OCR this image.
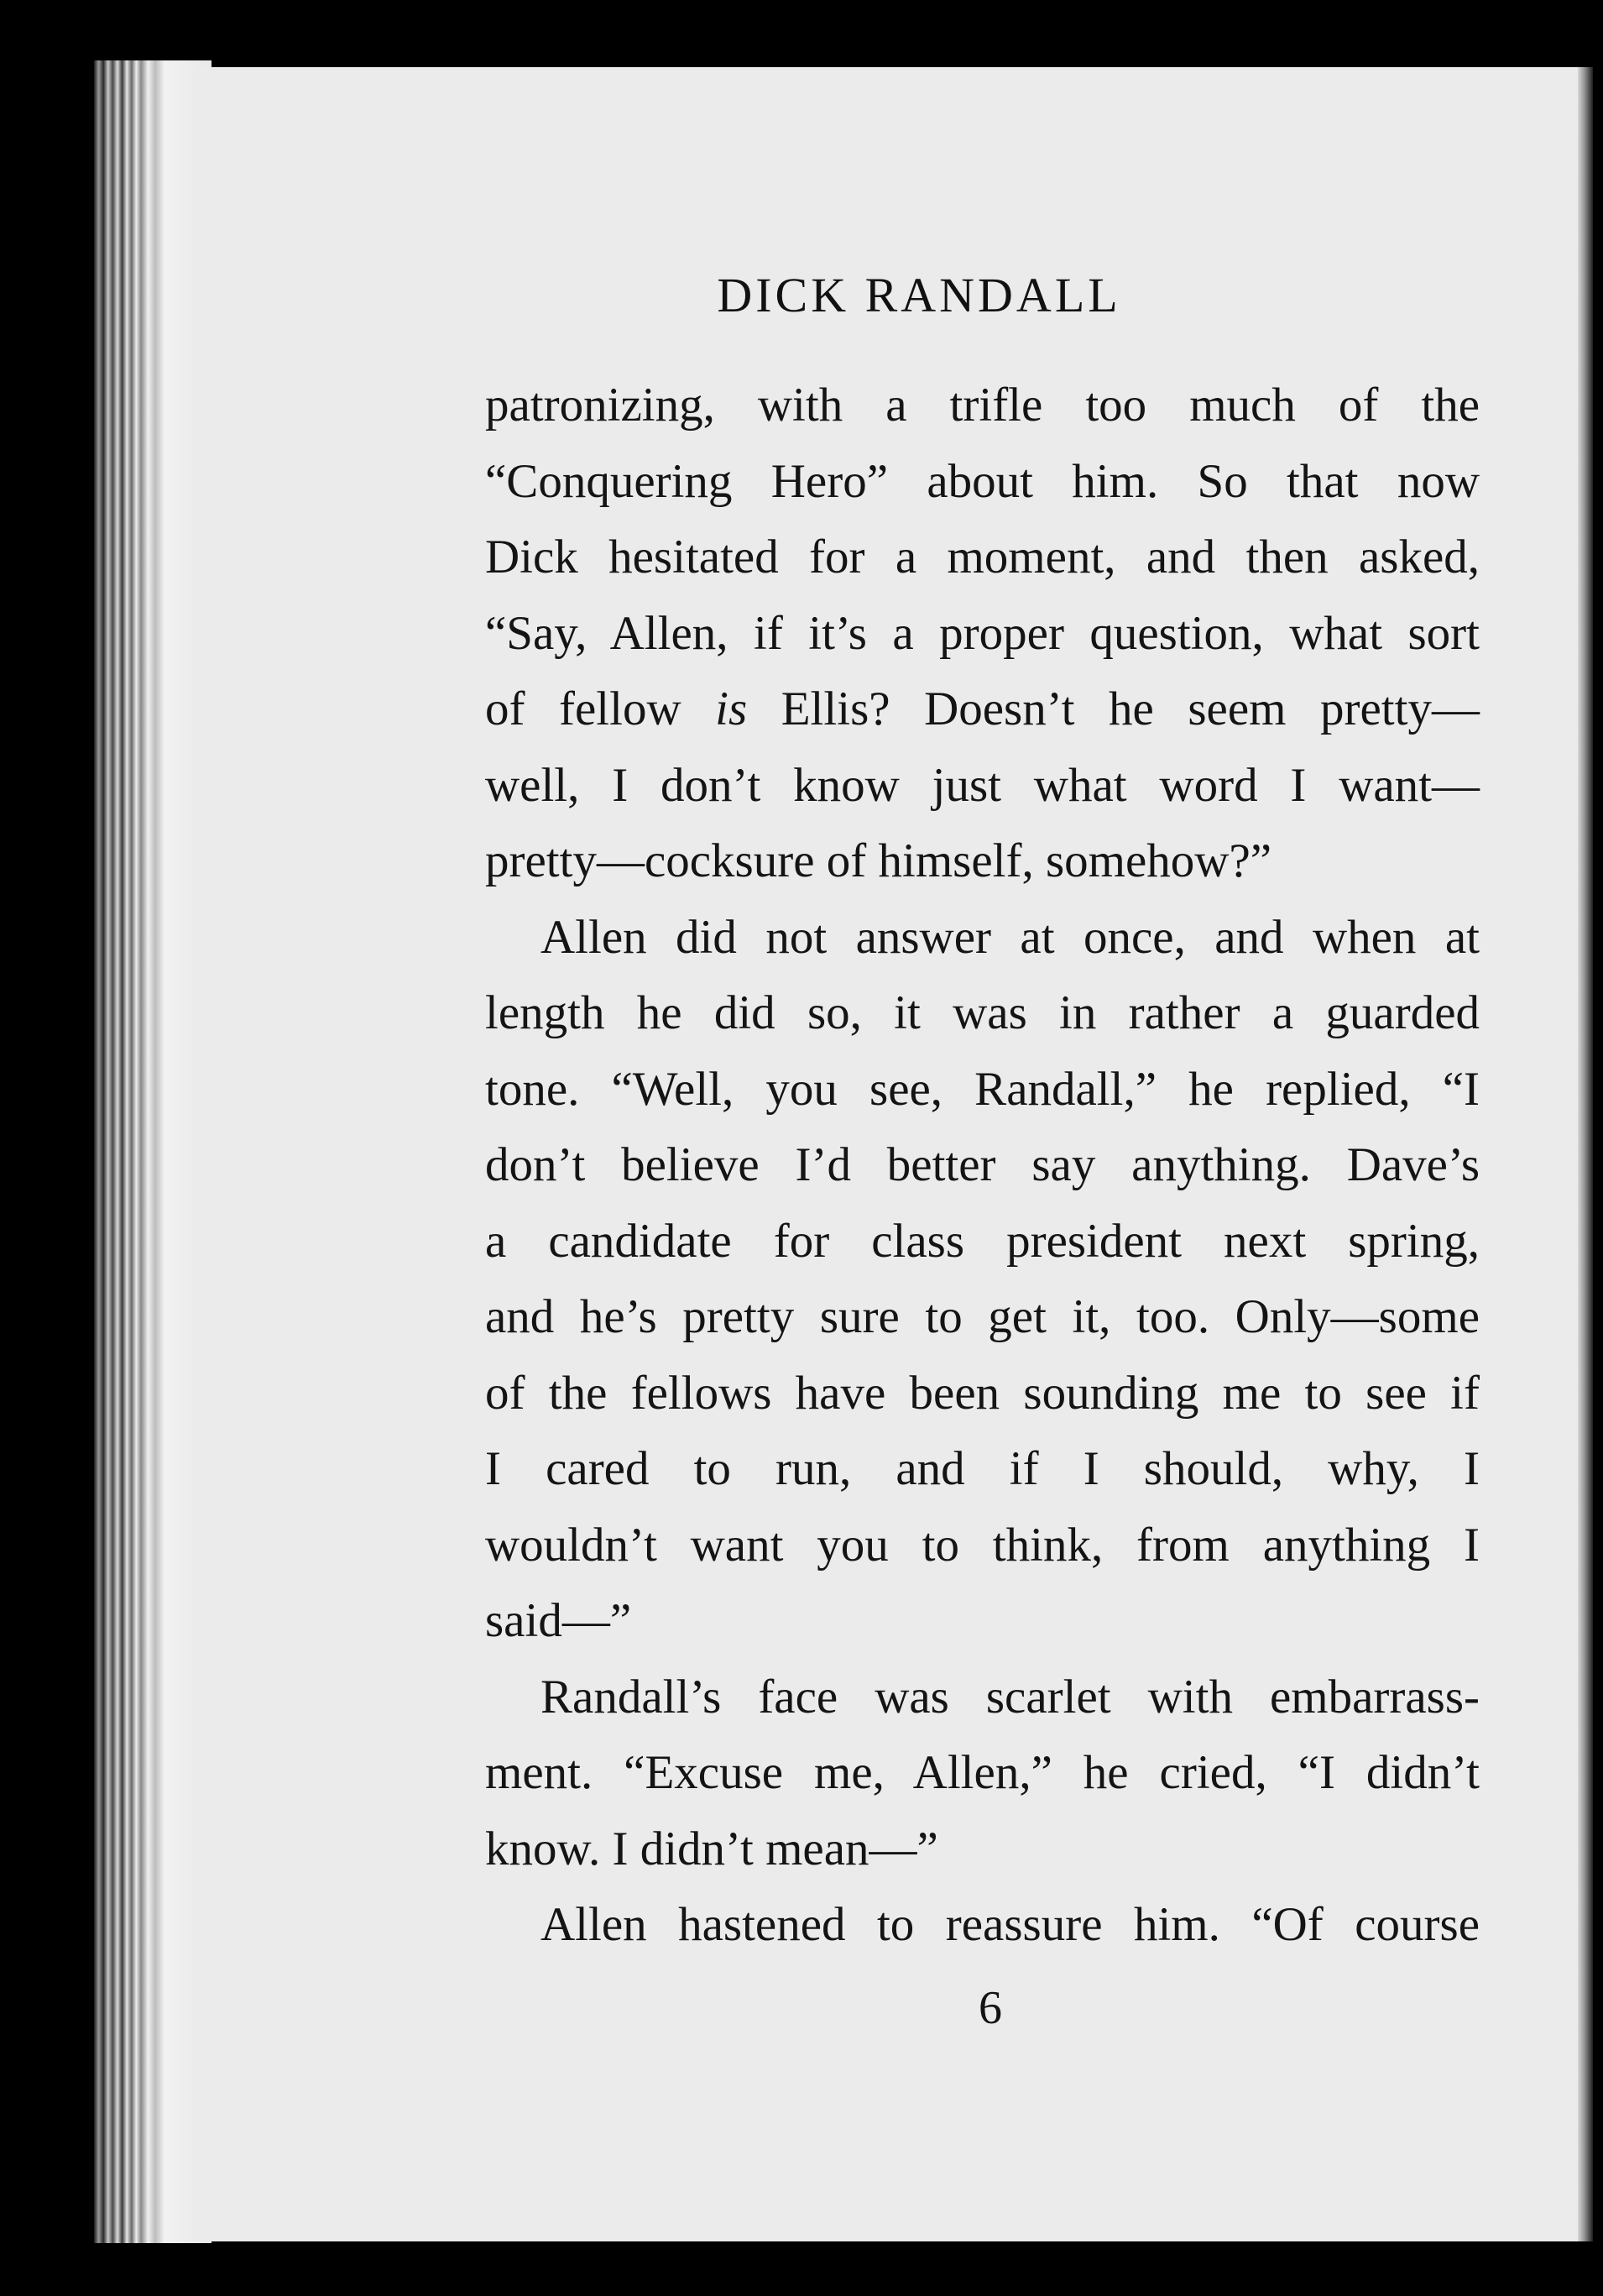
DICK RANDALL
patronizing, with a trifle too much of the
“Conquering Hero” about him. So that now
Dick hesitated for a moment, and then asked,
“Say, Allen, if it’s a proper question, what sort
of fellow is Ellis? Doesn’t he seem pretty—
well, I don’t know just what word I want—
pretty—cocksure of himself, somehow?”
Allen did not answer at once, and when at
length he did so, it was in rather a guarded
tone. “Well, you see, Randall,” he replied, “I
don’t believe I’d better say anything. Dave’s
a candidate for class president next spring,
and he’s pretty sure to get it, too. Only—some
of the fellows have been sounding me to see if
I cared to run, and if I should, why, I
wouldn’t want you to think, from anything I
said—”
Randall’s face was scarlet with embarrass-
ment. “Excuse me, Allen,” he cried, “I didn’t
know. I didn’t mean—”
Allen hastened to reassure him. “Of course
6
